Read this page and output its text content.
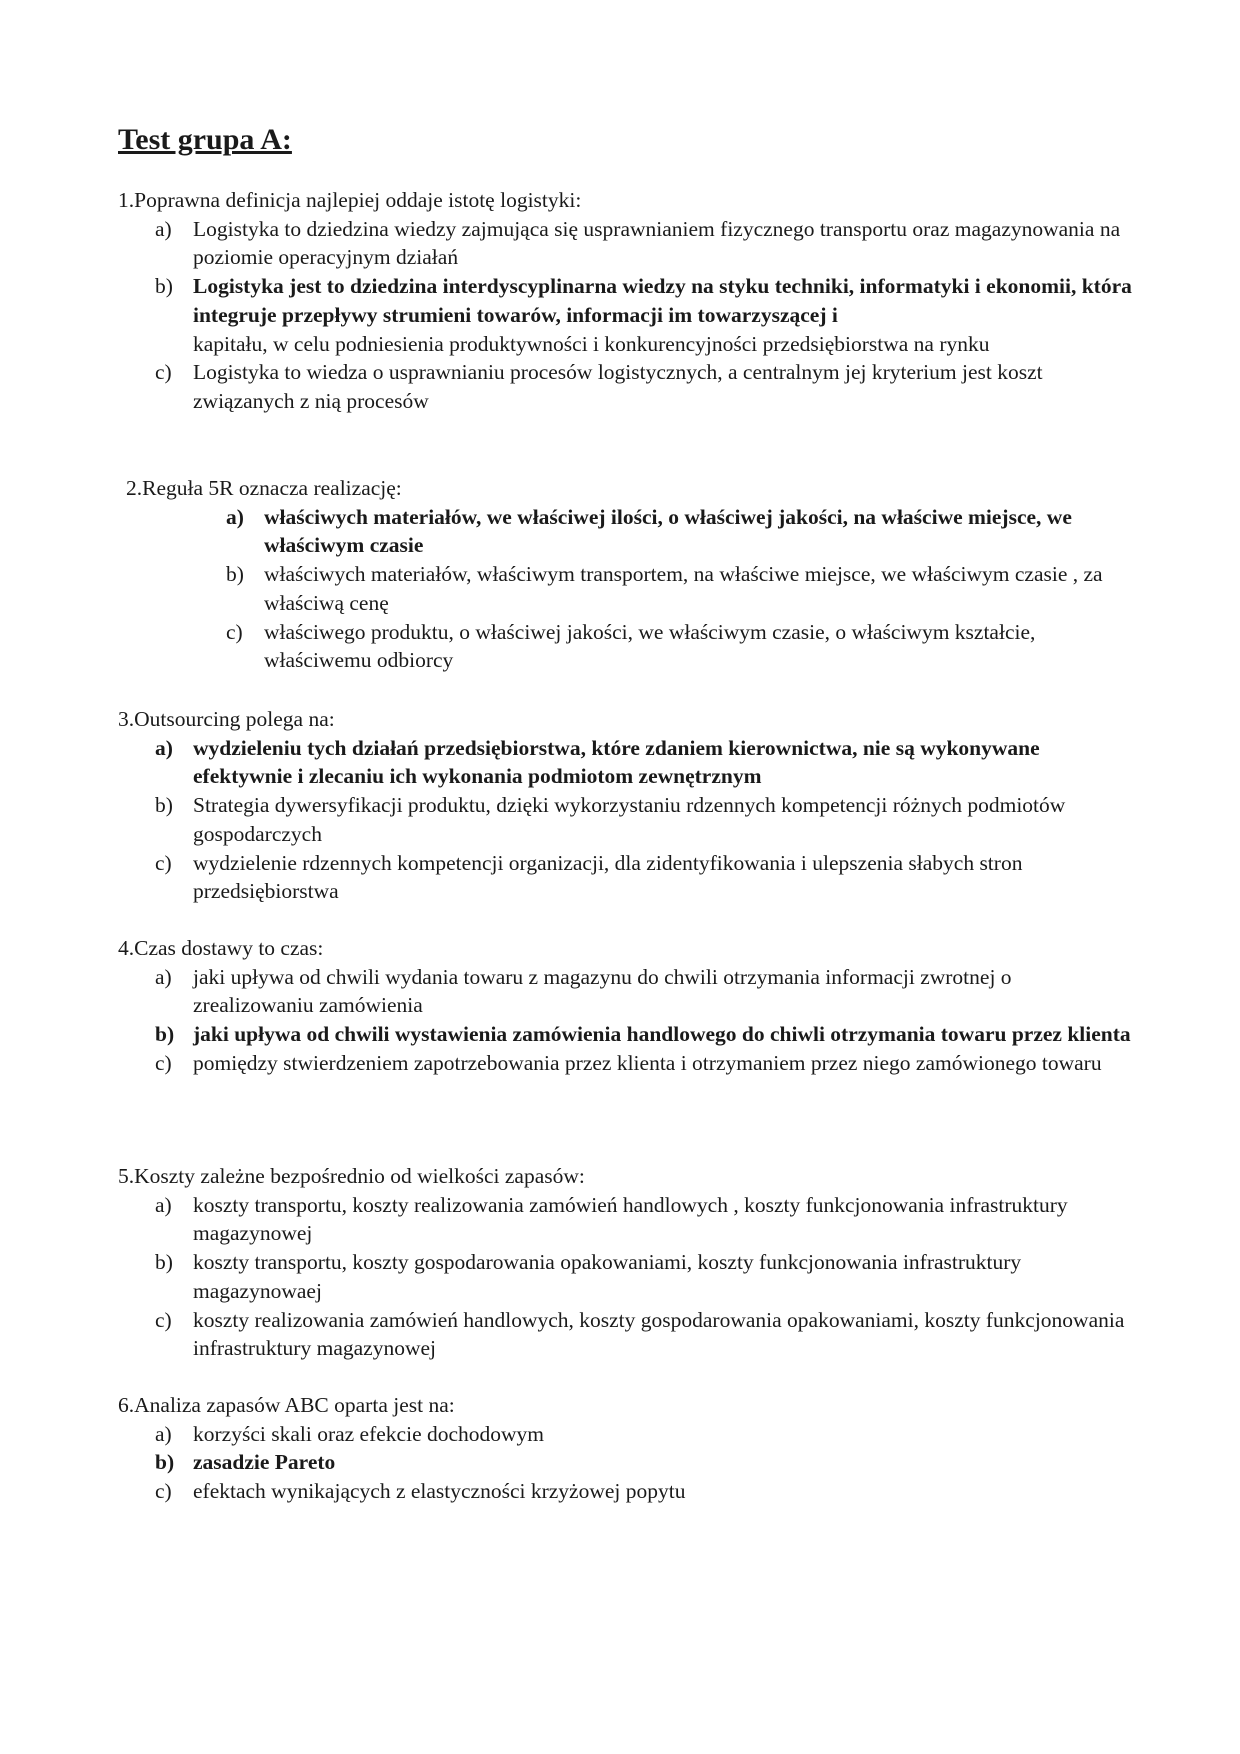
Test grupa A:

1.Poprawna definicja najlepiej oddaje istotę logistyki:

a) Logistyka to dziedzina wiedzy zajmująca się usprawnianiem fizycznego transportu oraz magazynowania na poziomie operacyjnym działań
b) Logistyka jest to dziedzina interdyscyplinarna wiedzy na styku techniki, informatyki i ekonomii, która integruje przepływy strumieni towarów, informacji im towarzyszącej i
kapitału, w celu podniesienia produktywności i konkurencyjności przedsiębiorstwa na rynku
c) Logistyka to wiedza o usprawnianiu procesów logistycznych, a centralnym jej kryterium jest koszt związanych z nią procesów

2.Reguła 5R oznacza realizację:

a) właściwych materiałów, we właściwej ilości, o właściwej jakości, na właściwe miejsce, we właściwym czasie
b) właściwych materiałów, właściwym transportem, na właściwe miejsce, we właściwym czasie , za właściwą cenę
c) właściwego produktu, o właściwej jakości, we właściwym czasie, o właściwym kształcie, właściwemu odbiorcy

3.Outsourcing polega na:

a) wydzieleniu tych działań przedsiębiorstwa, które zdaniem kierownictwa, nie są wykonywane efektywnie i zlecaniu ich wykonania podmiotom zewnętrznym
b) Strategia dywersyfikacji produktu, dzięki wykorzystaniu rdzennych kompetencji różnych podmiotów gospodarczych
c) wydzielenie rdzennych kompetencji organizacji, dla zidentyfikowania i ulepszenia słabych stron przedsiębiorstwa

4.Czas dostawy to czas:

a) jaki upływa od chwili wydania towaru z magazynu do chwili otrzymania informacji zwrotnej o zrealizowaniu zamówienia
b) jaki upływa od chwili wystawienia zamówienia handlowego do chiwli otrzymania towaru przez klienta
c) pomiędzy stwierdzeniem zapotrzebowania przez klienta i otrzymaniem przez niego zamówionego towaru

5.Koszty zależne bezpośrednio od wielkości zapasów:

a) koszty transportu, koszty realizowania zamówień handlowych , koszty funkcjonowania infrastruktury magazynowej
b) koszty transportu, koszty gospodarowania opakowaniami, koszty funkcjonowania infrastruktury magazynowaej
c) koszty realizowania zamówień handlowych, koszty gospodarowania opakowaniami, koszty funkcjonowania infrastruktury magazynowej

6.Analiza zapasów ABC oparta jest na:

a) korzyści skali oraz efekcie dochodowym
b) zasadzie Pareto
c) efektach wynikających z elastyczności krzyżowej popytu
